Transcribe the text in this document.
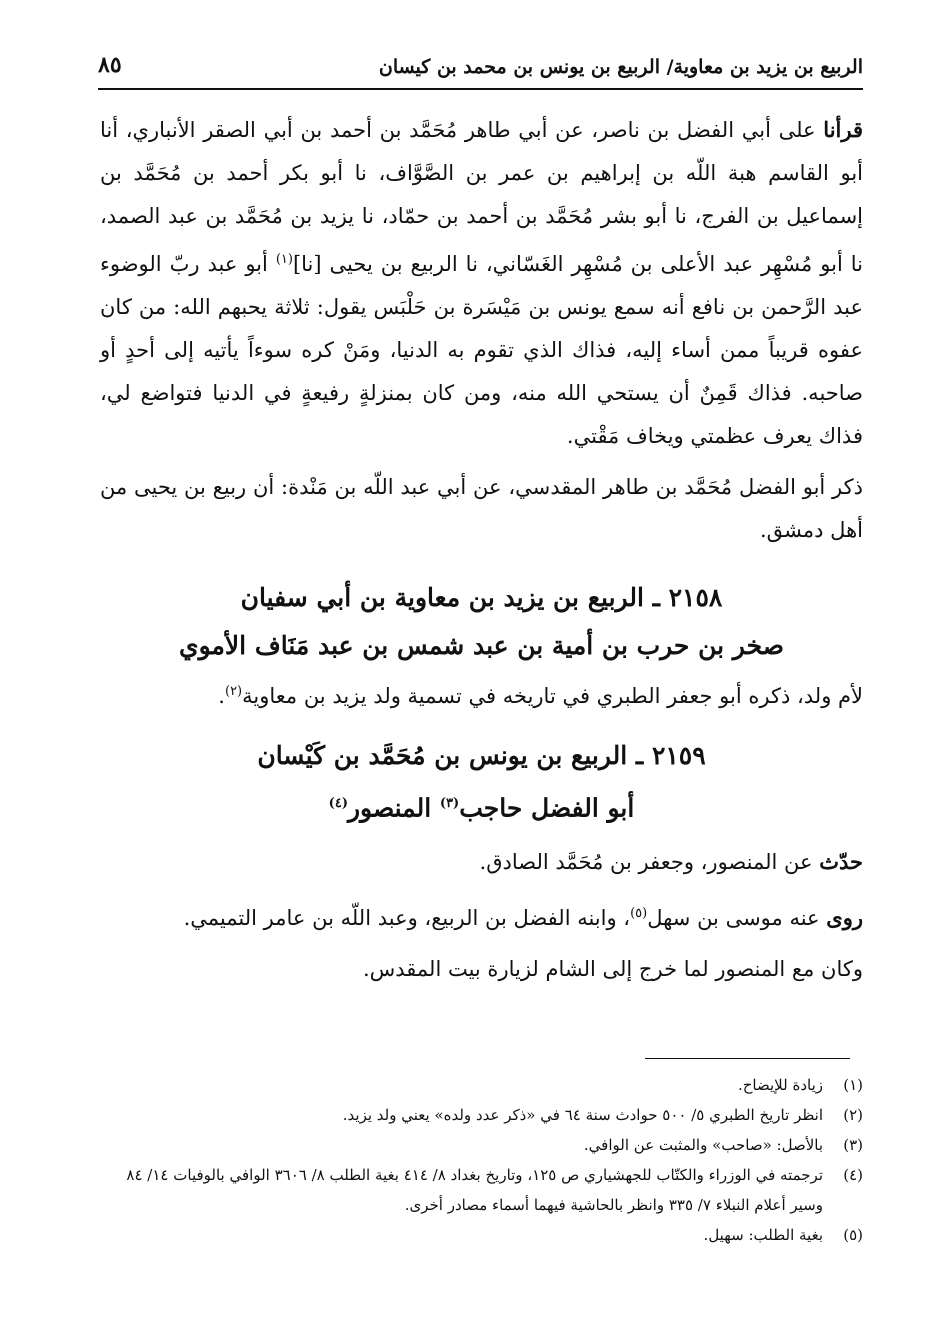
الربيع بن يزيد بن معاوية/ الربيع بن يونس بن محمد بن كيسان
٨٥

قرأنا على أبي الفضل بن ناصر، عن أبي طاهر مُحَمَّد بن أحمد بن أبي الصقر الأنباري، أنا أبو القاسم هبة اللّه بن إبراهيم بن عمر بن الصَّوَّاف، نا أبو بكر أحمد بن مُحَمَّد بن إسماعيل بن الفرج، نا أبو بشر مُحَمَّد بن أحمد بن حمّاد، نا يزيد بن مُحَمَّد بن عبد الصمد، نا أبو مُسْهِر عبد الأعلى بن مُسْهِر الغَسّاني، نا الربيع بن يحيى [نا]$^{(١)}$ أبو عبد ربّ الوضوء عبد الرَّحمن بن نافع أنه سمع يونس بن مَيْسَرة بن حَلْبَس يقول: ثلاثة يحبهم الله: من كان عفوه قريباً ممن أساء إليه، فذاك الذي تقوم به الدنيا، ومَنْ كره سوءاً يأتيه إلى أحدٍ أو صاحبه. فذاك قَمِنٌ أن يستحي الله منه، ومن كان بمنزلةٍ رفيعةٍ في الدنيا فتواضع لي، فذاك يعرف عظمتي ويخاف مَقْتي.

ذكر أبو الفضل مُحَمَّد بن طاهر المقدسي، عن أبي عبد اللّه بن مَنْدة: أن ربيع بن يحيى من أهل دمشق.

٢١٥٨ ـ الربيع بن يزيد بن معاوية بن أبي سفيان
صخر بن حرب بن أمية بن عبد شمس بن عبد مَنَاف الأموي

لأم ولد، ذكره أبو جعفر الطبري في تاريخه في تسمية ولد يزيد بن معاوية$^{(٢)}$.

٢١٥٩ ـ الربيع بن يونس بن مُحَمَّد بن كَيْسان
أبو الفضل حاجب$^{(٣)}$ المنصور$^{(٤)}$

حدّث عن المنصور، وجعفر بن مُحَمَّد الصادق.

روى عنه موسى بن سهل$^{(٥)}$، وابنه الفضل بن الربيع، وعبد اللّه بن عامر التميمي.

وكان مع المنصور لما خرج إلى الشام لزيارة بيت المقدس.

(١)
زيادة للإيضاح.
(٢)
انظر تاريخ الطبري ٥/ ٥٠٠ حوادث سنة ٦٤ في «ذكر عدد ولده» يعني ولد يزيد.
(٣)
بالأصل: «صاحب» والمثبت عن الوافي.
(٤)
ترجمته في الوزراء والكتّاب للجهشياري ص ١٢٥، وتاريخ بغداد ٨/ ٤١٤ بغية الطلب ٨/ ٣٦٠٦ الوافي بالوفيات ١٤/ ٨٤ وسير أعلام النبلاء ٧/ ٣٣٥ وانظر بالحاشية فيهما أسماء مصادر أخرى.
(٥)
بغية الطلب: سهيل.
